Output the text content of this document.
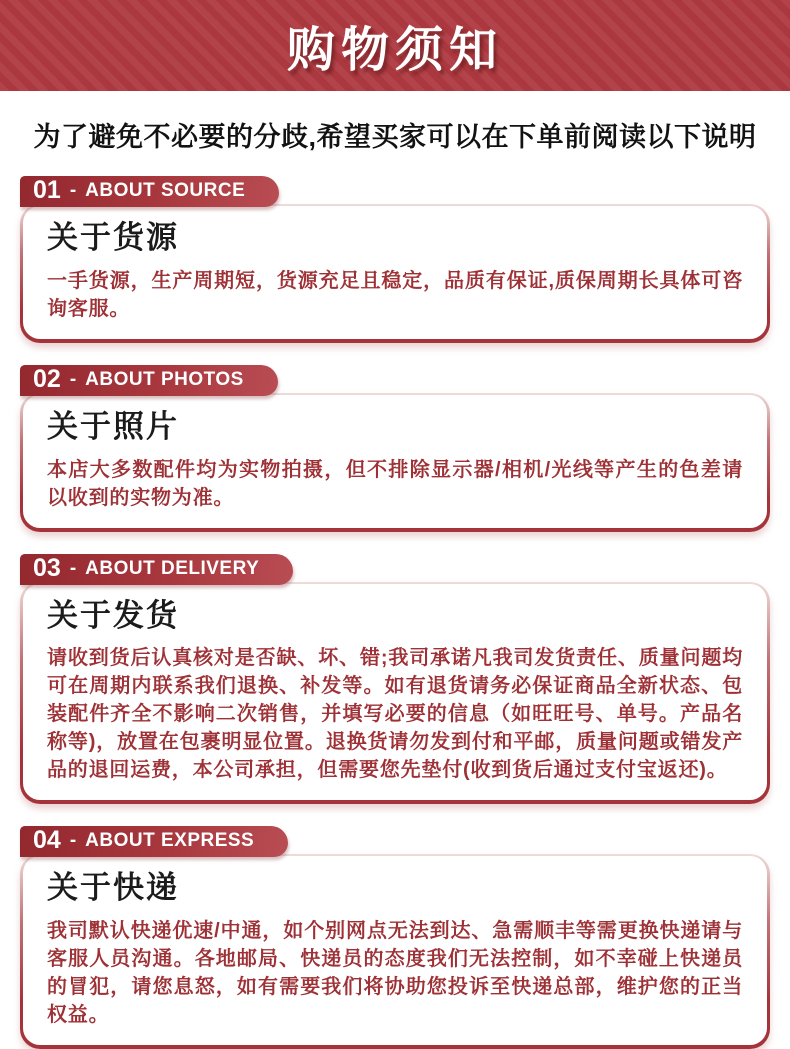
购物须知

为了避免不必要的分歧,希望买家可以在下单前阅读以下说明

01 - ABOUT SOURCE
关于货源

一手货源，生产周期短，货源充足且稳定，品质有保证,质保周期长具体可咨询客服。

02 - ABOUT PHOTOS
关于照片

本店大多数配件均为实物拍摄，但不排除显示器/相机/光线等产生的色差请以收到的实物为准。

03 - ABOUT DELIVERY
关于发货

请收到货后认真核对是否缺、坏、错;我司承诺凡我司发货责任、质量问题均可在周期内联系我们退换、补发等。如有退货请务必保证商品全新状态、包装配件齐全不影响二次销售，并填写必要的信息（如旺旺号、单号。产品名称等)，放置在包裹明显位置。退换货请勿发到付和平邮，质量问题或错发产品的退回运费，本公司承担，但需要您先垫付(收到货后通过支付宝返还)。

04 - ABOUT EXPRESS
关于快递

我司默认快递优速/中通，如个别网点无法到达、急需顺丰等需更换快递请与客服人员沟通。各地邮局、快递员的态度我们无法控制，如不幸碰上快递员的冒犯，请您息怒，如有需要我们将协助您投诉至快递总部，维护您的正当权益。
